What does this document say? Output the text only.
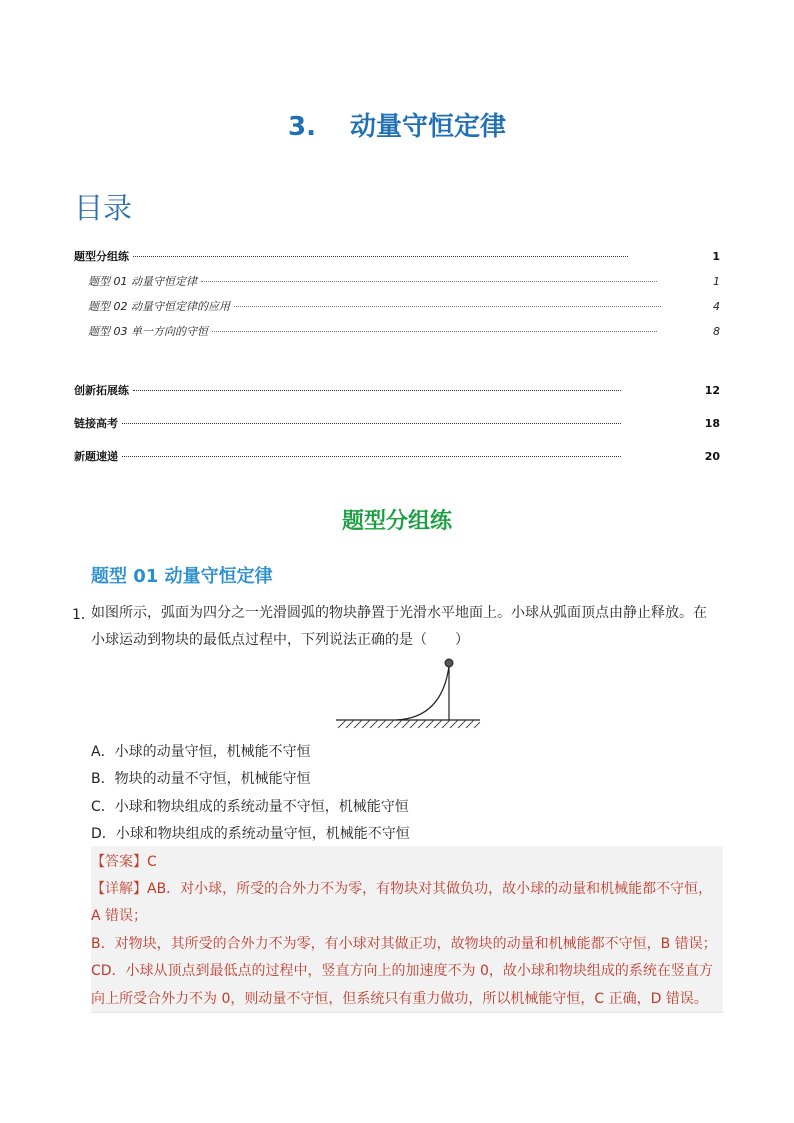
3. 动量守恒定律
目录
题型分组练	1
题型 01 动量守恒定律	1
题型 02 动量守恒定律的应用	4
题型 03 单一方向的守恒	8
创新拓展练	12
链接高考	18
新题速递	20
题型分组练
题型 01 动量守恒定律
1．
如图所示，弧面为四分之一光滑圆弧的物块静置于光滑水平地面上。小球从弧面顶点由静止释放。在
小球运动到物块的最低点过程中，下列说法正确的是（　　）
A．小球的动量守恒，机械能不守恒
B．物块的动量不守恒，机械能守恒
C．小球和物块组成的系统动量不守恒，机械能守恒
D．小球和物块组成的系统动量守恒，机械能不守恒
【答案】C
【详解】AB．对小球，所受的合外力不为零，有物块对其做负功，故小球的动量和机械能都不守恒，
A 错误；
B．对物块，其所受的合外力不为零，有小球对其做正功，故物块的动量和机械能都不守恒，B 错误；
CD．小球从顶点到最低点的过程中，竖直方向上的加速度不为 0，故小球和物块组成的系统在竖直方
向上所受合外力不为 0，则动量不守恒，但系统只有重力做功，所以机械能守恒，C 正确，D 错误。
